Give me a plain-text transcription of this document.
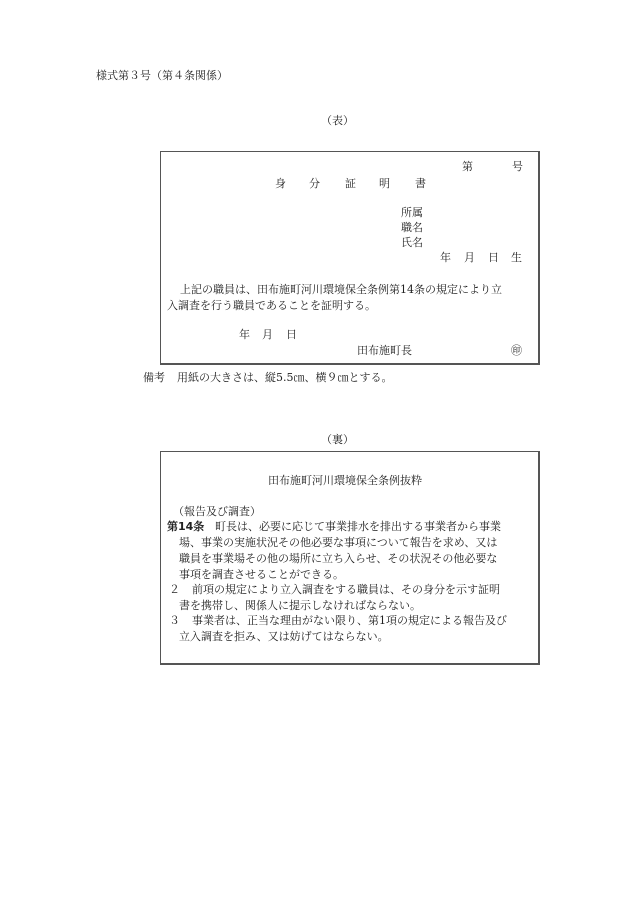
様式第３号（第４条関係）
（表）
第	号
身 分 証 明 書
所属
職名
氏名
年 月 日 生
上記の職員は、田布施町河川環境保全条例第14条の規定により立
入調査を行う職員であることを証明する。
年 月 日
田布施町長	㊞
備考 用紙の大きさは、縦5.5㎝、横９㎝とする。
（裏）
田布施町河川環境保全条例抜粋
（報告及び調査）
第14条 町長は、必要に応じて事業排水を排出する事業者から事業
場、事業の実施状況その他必要な事項について報告を求め、又は
職員を事業場その他の場所に立ち入らせ、その状況その他必要な
事項を調査させることができる。
２ 前項の規定により立入調査をする職員は、その身分を示す証明
書を携帯し、関係人に提示しなければならない。
３ 事業者は、正当な理由がない限り、第1項の規定による報告及び
立入調査を拒み、又は妨げてはならない。
